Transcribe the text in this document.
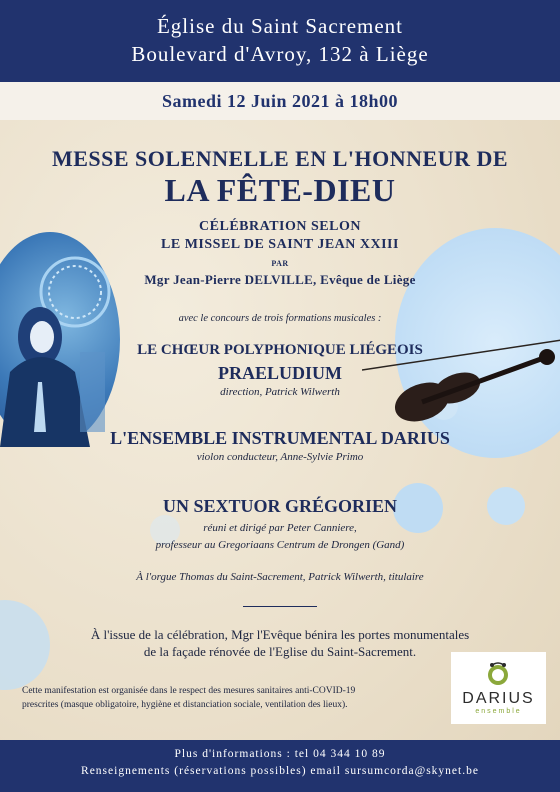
Église du Saint Sacrement
Boulevard d'Avroy, 132 à Liège
Samedi 12 Juin 2021 à 18h00
MESSE SOLENNELLE EN L'HONNEUR DE
LA FÊTE-DIEU
CÉLÉBRATION SELON
LE MISSEL DE SAINT JEAN XXIII
PAR
Mgr Jean-Pierre DELVILLE, Evêque de Liège
avec le concours de trois formations musicales :
LE CHŒUR POLYPHONIQUE LIÉGEOIS
PRAELUDIUM
direction, Patrick Wilwerth
L'ENSEMBLE INSTRUMENTAL DARIUS
violon conducteur, Anne-Sylvie Primo
UN SEXTUOR GRÉGORIEN
réuni et dirigé par Peter Canniere,
professeur au Gregoriaans Centrum de Drongen (Gand)
À l'orgue Thomas du Saint-Sacrement, Patrick Wilwerth, titulaire
À l'issue de la célébration, Mgr l'Evêque bénira les portes monumentales
de la façade rénovée de l'Eglise du Saint-Sacrement.
Cette manifestation est organisée dans le respect des mesures sanitaires anti-COVID-19
prescrites (masque obligatoire, hygiène et distanciation sociale, ventilation des lieux).	DARIUS
ensemble
Plus d'informations : tel 04 344 10 89
Renseignements (réservations possibles) email sursumcorda@skynet.be
